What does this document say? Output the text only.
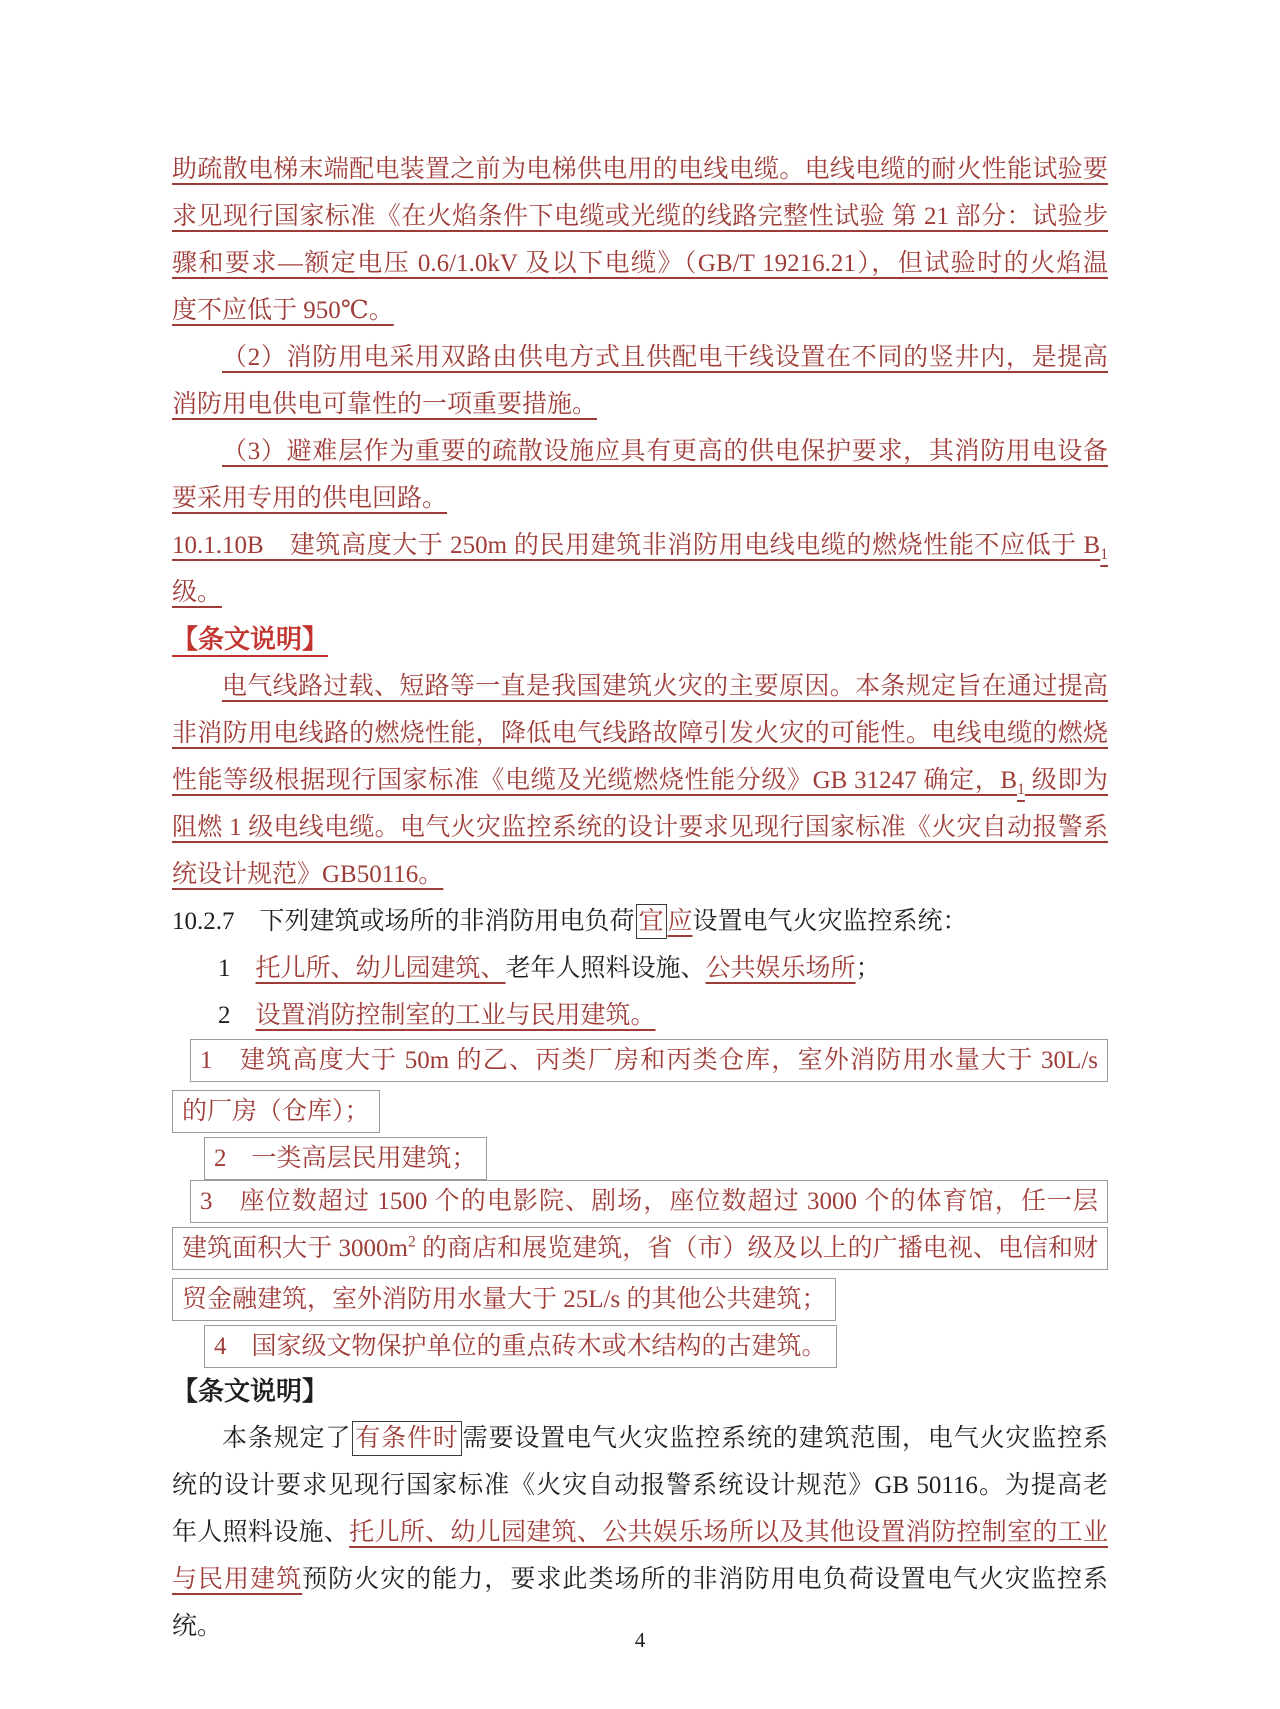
助疏散电梯末端配电装置之前为电梯供电用的电线电缆。电线电缆的耐火性能试验要
求见现行国家标准《在火焰条件下电缆或光缆的线路完整性试验 第 21 部分：试验步
骤和要求—额定电压 0.6/1.0kV 及以下电缆》（GB/T 19216.21），但试验时的火焰温
度不应低于 950℃。
（2）消防用电采用双路由供电方式且供配电干线设置在不同的竖井内，是提高
消防用电供电可靠性的一项重要措施。
（3）避难层作为重要的疏散设施应具有更高的供电保护要求，其消防用电设备
要采用专用的供电回路。
10.1.10B　建筑高度大于 250m 的民用建筑非消防用电线电缆的燃烧性能不应低于 $B_1$
级。
【条文说明】
电气线路过载、短路等一直是我国建筑火灾的主要原因。本条规定旨在通过提高
非消防用电线路的燃烧性能，降低电气线路故障引发火灾的可能性。电线电缆的燃烧
性能等级根据现行国家标准《电缆及光缆燃烧性能分级》GB 31247 确定，$B_1$ 级即为
阻燃 1 级电线电缆。电气火灾监控系统的设计要求见现行国家标准《火灾自动报警系
统设计规范》GB50116。
10.2.7　下列建筑或场所的非消防用电负荷 宜 应设置电气火灾监控系统：
1　托儿所、幼儿园建筑、老年人照料设施、公共娱乐场所；
2　设置消防控制室的工业与民用建筑。
1　建筑高度大于 50m 的乙、丙类厂房和丙类仓库，室外消防用水量大于 30L/s
的厂房（仓库）；
2　一类高层民用建筑；
3　座位数超过 1500 个的电影院、剧场，座位数超过 3000 个的体育馆，任一层
建筑面积大于 $3000m^2$ 的商店和展览建筑，省（市）级及以上的广播电视、电信和财
贸金融建筑，室外消防用水量大于 25L/s 的其他公共建筑；
4　国家级文物保护单位的重点砖木或木结构的古建筑。
【条文说明】
本条规定了 有条件时 需要设置电气火灾监控系统的建筑范围，电气火灾监控系
统的设计要求见现行国家标准《火灾自动报警系统设计规范》GB 50116。为提高老
年人照料设施、托儿所、幼儿园建筑、公共娱乐场所以及其他设置消防控制室的工业
与民用建筑预防火灾的能力，要求此类场所的非消防用电负荷设置电气火灾监控系
统。	4
